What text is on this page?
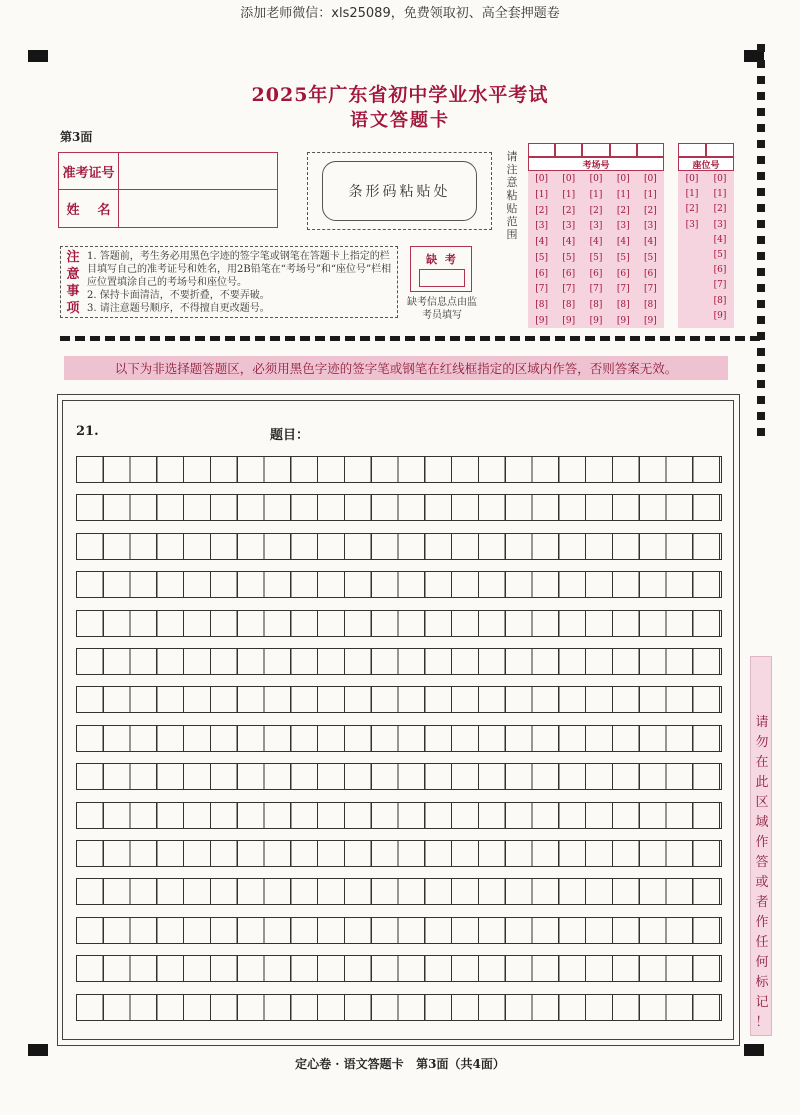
添加老师微信：xls25089，免费领取初、高全套押题卷
2025年广东省初中学业水平考试
语文答题卡
第3面
准考证号
姓    名
条形码粘贴处
请
注
意
粘
贴
范
围
考场号
[0]
[1]
[2]
[3]
[4]
[5]
[6]
[7]
[8]
[9]
[0]
[1]
[2]
[3]
[4]
[5]
[6]
[7]
[8]
[9]
[0]
[1]
[2]
[3]
[4]
[5]
[6]
[7]
[8]
[9]
[0]
[1]
[2]
[3]
[4]
[5]
[6]
[7]
[8]
[9]
[0]
[1]
[2]
[3]
[4]
[5]
[6]
[7]
[8]
[9]
座位号
[0]
[1]
[2]
[3]
[0]
[1]
[2]
[3]
[4]
[5]
[6]
[7]
[8]
[9]
注
意
事
项
1. 答题前，考生务必用黑色字迹的签字笔或钢笔在答题卡上指定的栏目填写自己的准考证号和姓名，用2B铅笔在“考场号”和“座位号”栏相应位置填涂自己的考场号和座位号。
2. 保持卡面清洁，不要折叠，不要弄破。
3. 请注意题号顺序，不得擅自更改题号。
缺  考
缺考信息点由监考员填写
以下为非选择题答题区，必须用黑色字迹的签字笔或钢笔在红线框指定的区域内作答，否则答案无效。
21.	题目：
请
勿
在
此
区
域
作
答
或
者
作
任
何
标
记
！
定心卷 · 语文答题卡   第3面（共4面）
